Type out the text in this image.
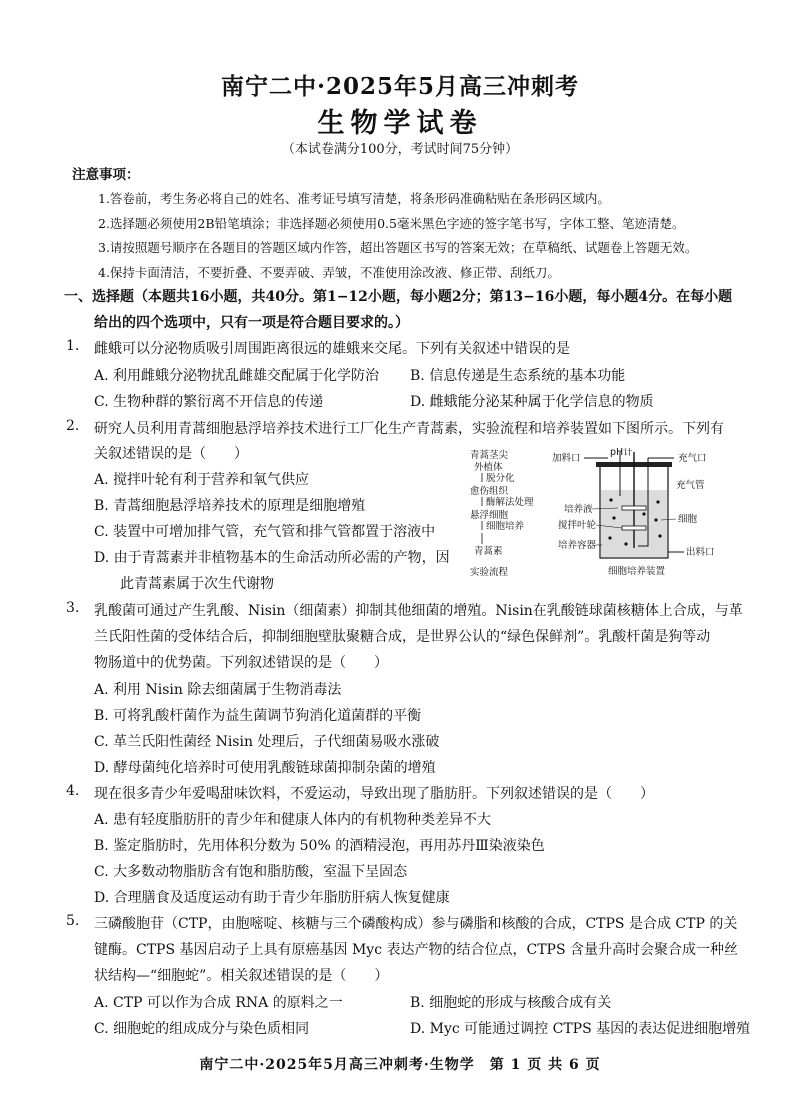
南宁二中·2025年5月高三冲刺考
生物学试卷
（本试卷满分100分，考试时间75分钟）
注意事项：
1.答卷前，考生务必将自己的姓名、准考证号填写清楚，将条形码准确粘贴在条形码区域内。
2.选择题必须使用2B铅笔填涂；非选择题必须使用0.5毫米黑色字迹的签字笔书写，字体工整、笔迹清楚。
3.请按照题号顺序在各题目的答题区域内作答，超出答题区书写的答案无效；在草稿纸、试题卷上答题无效。
4.保持卡面清洁，不要折叠、不要弄破、弄皱，不准使用涂改液、修正带、刮纸刀。
一、选择题（本题共16小题，共40分。第1−12小题，每小题2分；第13−16小题，每小题4分。在每小题
给出的四个选项中，只有一项是符合题目要求的。）
1. 雌蛾可以分泌物质吸引周围距离很远的雄蛾来交尾。下列有关叙述中错误的是
A. 利用雌蛾分泌物扰乱雌雄交配属于化学防治 B. 信息传递是生态系统的基本功能
C. 生物种群的繁衍离不开信息的传递	D. 雌蛾能分泌某种属于化学信息的物质
2. 研究人员利用青蒿细胞悬浮培养技术进行工厂化生产青蒿素，实验流程和培养装置如下图所示。下列有
关叙述错误的是（　　）
A. 搅拌叶轮有利于营养和氧气供应
B. 青蒿细胞悬浮培养技术的原理是细胞增殖
C. 装置中可增加排气管，充气管和排气管都置于溶液中
D. 由于青蒿素并非植物基本的生命活动所必需的产物，因
此青蒿素属于次生代谢物
青蒿茎尖
外植体
脱分化
愈伤组织
酶解法处理
悬浮细胞
细胞培养
青蒿素
实验流程
pH计
加料口	充气口
充气管
培养液
搅拌叶轮
细胞
培养容器
出料口
细胞培养装置
3. 乳酸菌可通过产生乳酸、Nisin（细菌素）抑制其他细菌的增殖。Nisin在乳酸链球菌核糖体上合成，与革
兰氏阳性菌的受体结合后，抑制细胞壁肽聚糖合成，是世界公认的“绿色保鲜剂”。乳酸杆菌是狗等动
物肠道中的优势菌。下列叙述错误的是（　　）
A. 利用 Nisin 除去细菌属于生物消毒法
B. 可将乳酸杆菌作为益生菌调节狗消化道菌群的平衡
C. 革兰氏阳性菌经 Nisin 处理后，子代细菌易吸水涨破
D. 酵母菌纯化培养时可使用乳酸链球菌抑制杂菌的增殖
4. 现在很多青少年爱喝甜味饮料，不爱运动，导致出现了脂肪肝。下列叙述错误的是（　　）
A. 患有轻度脂肪肝的青少年和健康人体内的有机物种类差异不大
B. 鉴定脂肪时，先用体积分数为 50% 的酒精浸泡，再用苏丹Ⅲ染液染色
C. 大多数动物脂肪含有饱和脂肪酸，室温下呈固态
D. 合理膳食及适度运动有助于青少年脂肪肝病人恢复健康
5. 三磷酸胞苷（CTP，由胞嘧啶、核糖与三个磷酸构成）参与磷脂和核酸的合成，CTPS 是合成 CTP 的关
键酶。CTPS 基因启动子上具有原癌基因 Myc 表达产物的结合位点，CTPS 含量升高时会聚合成一种丝
状结构—“细胞蛇”。相关叙述错误的是（　　）
A. CTP 可以作为合成 RNA 的原料之一	B. 细胞蛇的形成与核酸合成有关
C. 细胞蛇的组成成分与染色质相同	D. Myc 可能通过调控 CTPS 基因的表达促进细胞增殖
南宁二中·2025年5月高三冲刺考·生物学　第 1 页 共 6 页
